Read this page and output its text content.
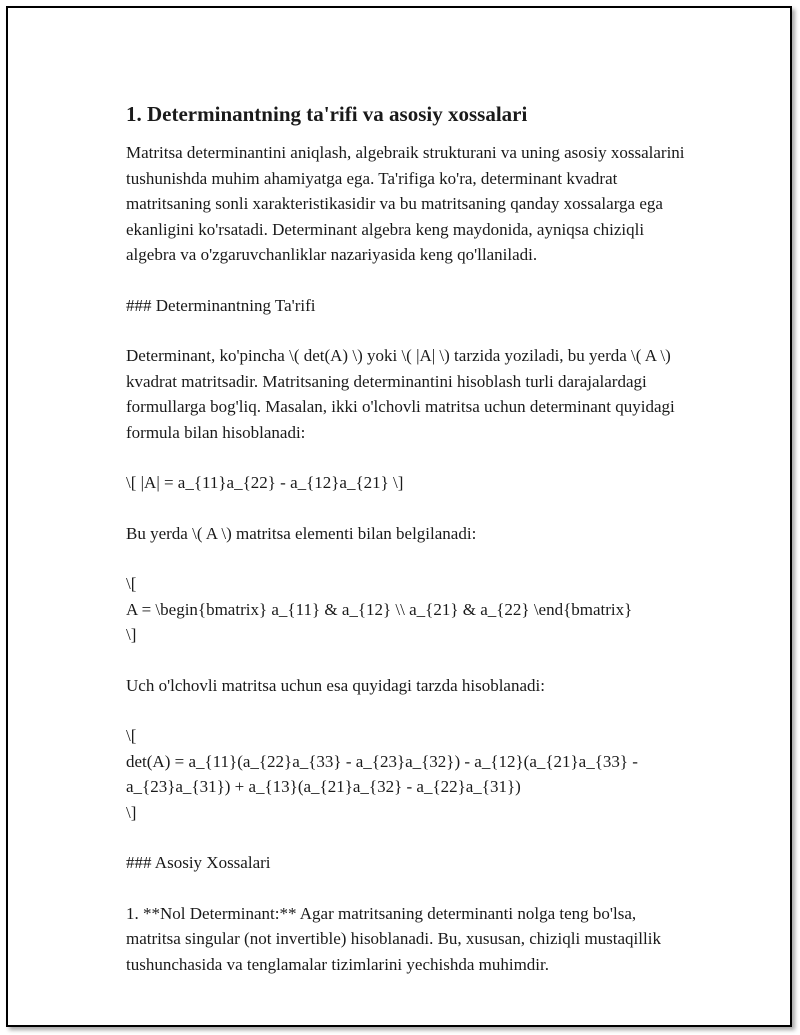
1. Determinantning ta'rifi va asosiy xossalari

Matritsa determinantini aniqlash, algebraik strukturani va uning asosiy xossalarini tushunishda muhim ahamiyatga ega. Ta'rifiga ko'ra, determinant kvadrat matritsaning sonli xarakteristikasidir va bu matritsaning qanday xossalarga ega ekanligini ko'rsatadi. Determinant algebra keng maydonida, ayniqsa chiziqli algebra va o'zgaruvchanliklar nazariyasida keng qo'llaniladi.

### Determinantning Ta'rifi

Determinant, ko'pincha \( det(A) \) yoki \( |A| \) tarzida yoziladi, bu yerda \( A \) kvadrat matritsadir. Matritsaning determinantini hisoblash turli darajalardagi formullarga bog'liq. Masalan, ikki o'lchovli matritsa uchun determinant quyidagi formula bilan hisoblanadi:

\[ |A| = a_{11}a_{22} - a_{12}a_{21} \]

Bu yerda \( A \) matritsa elementi bilan belgilanadi:

\[
A = \begin{bmatrix} a_{11} & a_{12} \\ a_{21} & a_{22} \end{bmatrix}
\]

Uch o'lchovli matritsa uchun esa quyidagi tarzda hisoblanadi:

\[
det(A) = a_{11}(a_{22}a_{33} - a_{23}a_{32}) - a_{12}(a_{21}a_{33} - a_{23}a_{31}) + a_{13}(a_{21}a_{32} - a_{22}a_{31})
\]

### Asosiy Xossalari

1. **Nol Determinant:** Agar matritsaning determinanti nolga teng bo'lsa, matritsa singular (not invertible) hisoblanadi. Bu, xususan, chiziqli mustaqillik tushunchasida va tenglamalar tizimlarini yechishda muhimdir.
